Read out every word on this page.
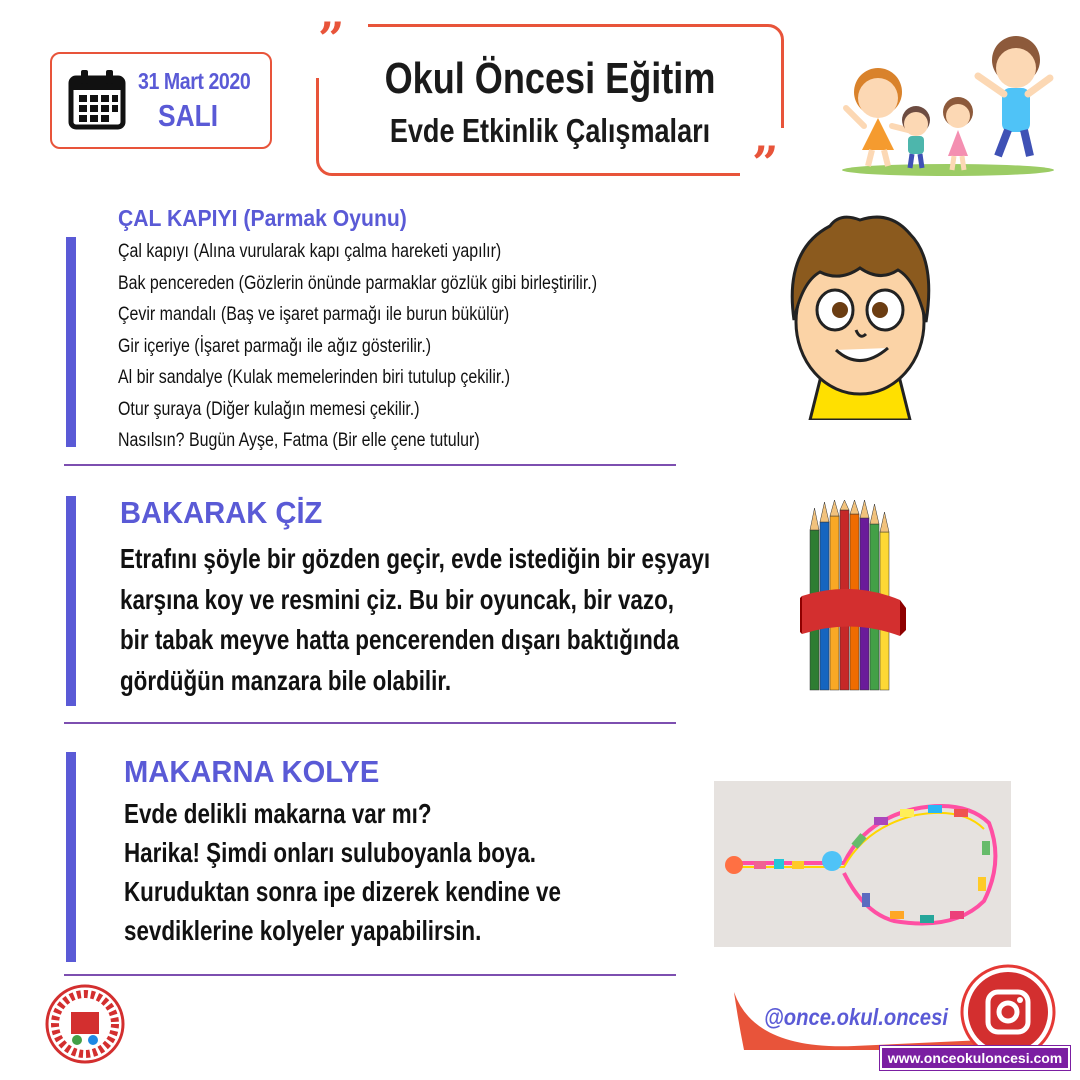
31 Mart 2020
SALI
”
”
Okul Öncesi Eğitim
Evde Etkinlik Çalışmaları
ÇAL KAPIYI (Parmak Oyunu)
Çal kapıyı (Alına vurularak kapı çalma hareketi yapılır)
Bak pencereden (Gözlerin önünde parmaklar gözlük gibi birleştirilir.)
Çevir mandalı (Baş ve işaret parmağı ile burun bükülür)
Gir içeriye (İşaret parmağı ile ağız gösterilir.)
Al bir sandalye (Kulak memelerinden biri tutulup çekilir.)
Otur şuraya (Diğer kulağın memesi çekilir.)
Nasılsın? Bugün Ayşe, Fatma (Bir elle çene tutulur)
BAKARAK ÇİZ
Etrafını şöyle bir gözden geçir, evde istediğin bir eşyayı
karşına koy ve resmini çiz. Bu bir oyuncak, bir vazo,
bir tabak meyve hatta pencerenden dışarı baktığında
gördüğün manzara bile olabilir.
MAKARNA KOLYE
Evde delikli makarna var mı?
Harika! Şimdi onları suluboyanla boya.
Kuruduktan sonra ipe dizerek kendine ve
sevdiklerine kolyeler yapabilirsin.
@once.okul.oncesi
www.onceokuloncesi.com
